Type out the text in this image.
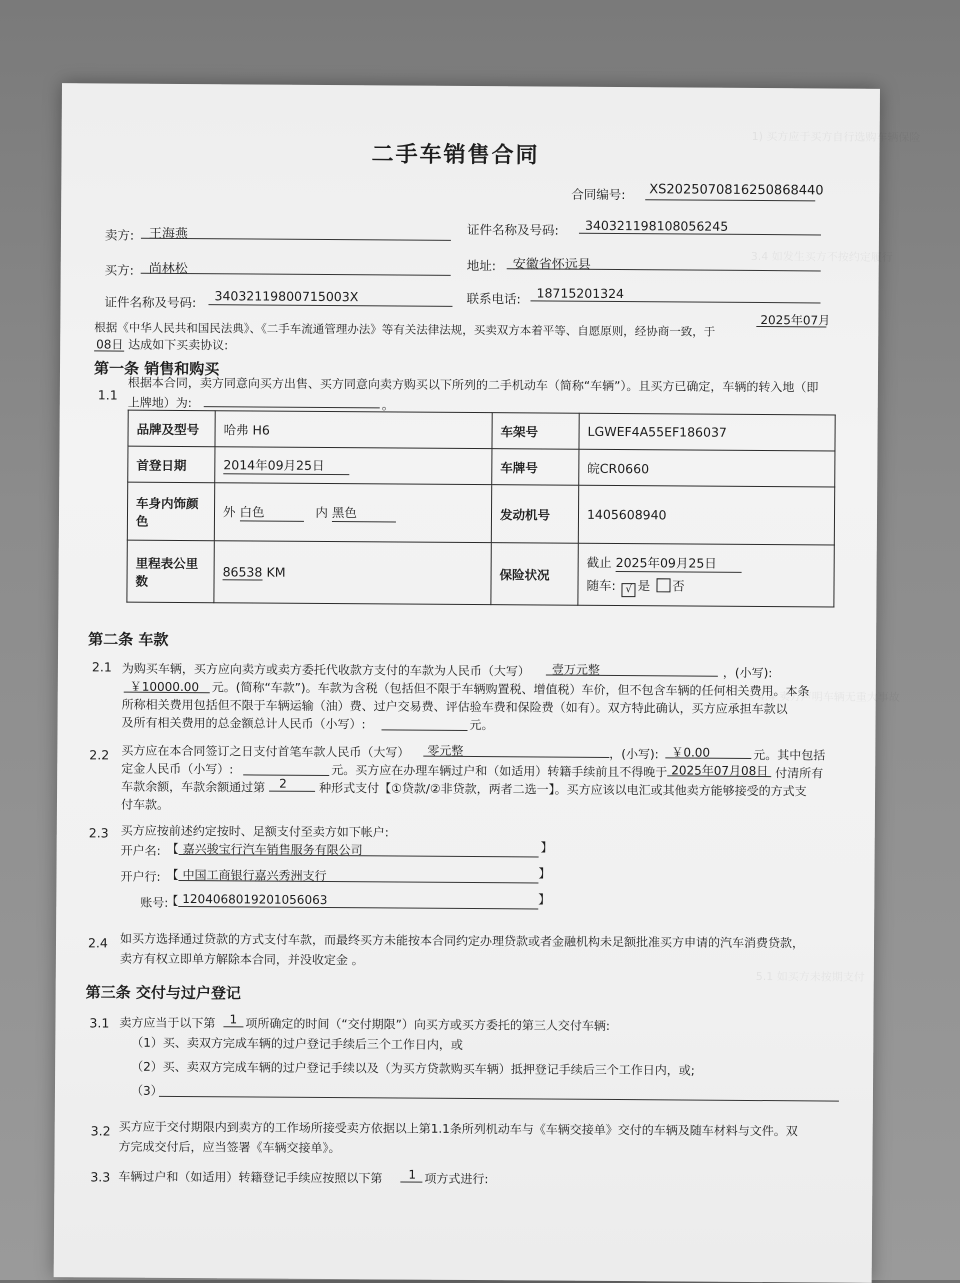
1) 买方应于买方自行选购车辆保险
3.4 如发生买方不按约定履行
4.4 卖方声明车辆无重大事故
5.1 如买方未按期支付
二手车销售合同
合同编号: XS2025070816250868440
卖方: 王海燕	证件名称及号码: 340321198108056245
买方: 尚林松	地址: 安徽省怀远县
证件名称及号码: 34032119800715003X	联系电话: 18715201324
根据《中华人民共和国民法典》、《二手车流通管理办法》等有关法律法规，买卖双方本着平等、自愿原则，经协商一致，于
2025年07月
08日 达成如下买卖协议:
第一条 销售和购买
1.1
根据本合同，卖方同意向买方出售、买方同意向卖方购买以下所列的二手机动车（简称“车辆”）。且买方已确定，车辆的转入地（即
上牌地）为:	。
品牌及型号	哈弗 H6	车架号	LGWEF4A55EF186037
首登日期	2014年09月25日	车牌号	皖CR0660
车身内饰颜色	外 白色 内 黑色	发动机号	1405608940
里程表公里数	86538 KM	保险状况	截止 2025年09月25日
随车: √ 是 否
第二条 车款
2.1 为购买车辆，买方应向卖方或卖方委托代收款方支付的车款为人民币（大写） 壹万元整	，(小写):
￥10000.00 元。(简称“车款”)。车款为含税（包括但不限于车辆购置税、增值税）车价，但不包含车辆的任何相关费用。本条
所称相关费用包括但不限于车辆运输（油）费、过户交易费、评估验车费和保险费（如有）。双方特此确认，买方应承担车款以
及所有相关费用的总金额总计人民币（小写）:	元。
2.2 买方应在本合同签订之日支付首笔车款人民币（大写） 零元整	，(小写): ￥0.00	元。其中包括
定金人民币（小写）:	元。买方应在办理车辆过户和（如适用）转籍手续前且不得晚于 2025年07月08日 付清所有
车款余额，车款余额通过第 2	种形式支付【①贷款/②非贷款，两者二选一】。买方应该以电汇或其他卖方能够接受的方式支
付车款。
2.3 买方应按前述约定按时、足额支付至卖方如下帐户:
开户名: 【 嘉兴骏宝行汽车销售服务有限公司	】
开户行: 【 中国工商银行嘉兴秀洲支行	】
账号:
【 1204068019201056063	】
2.4 如买方选择通过贷款的方式支付车款，而最终买方未能按本合同约定办理贷款或者金融机构未足额批准买方申请的汽车消费贷款，
卖方有权立即单方解除本合同，并没收定金 。
第三条 交付与过户登记
3.1 卖方应当于以下第 1 项所确定的时间（“交付期限”）向买方或买方委托的第三人交付车辆:
（1）买、卖双方完成车辆的过户登记手续后三个工作日内，或
（2）买、卖双方完成车辆的过户登记手续以及（为买方贷款购买车辆）抵押登记手续后三个工作日内，或;
（3）
3.2 买方应于交付期限内到卖方的工作场所接受卖方依据以上第1.1条所列机动车与《车辆交接单》交付的车辆及随车材料与文件。双
方完成交付后，应当签署《车辆交接单》。
3.3 车辆过户和（如适用）转籍登记手续应按照以下第 1 项方式进行:
